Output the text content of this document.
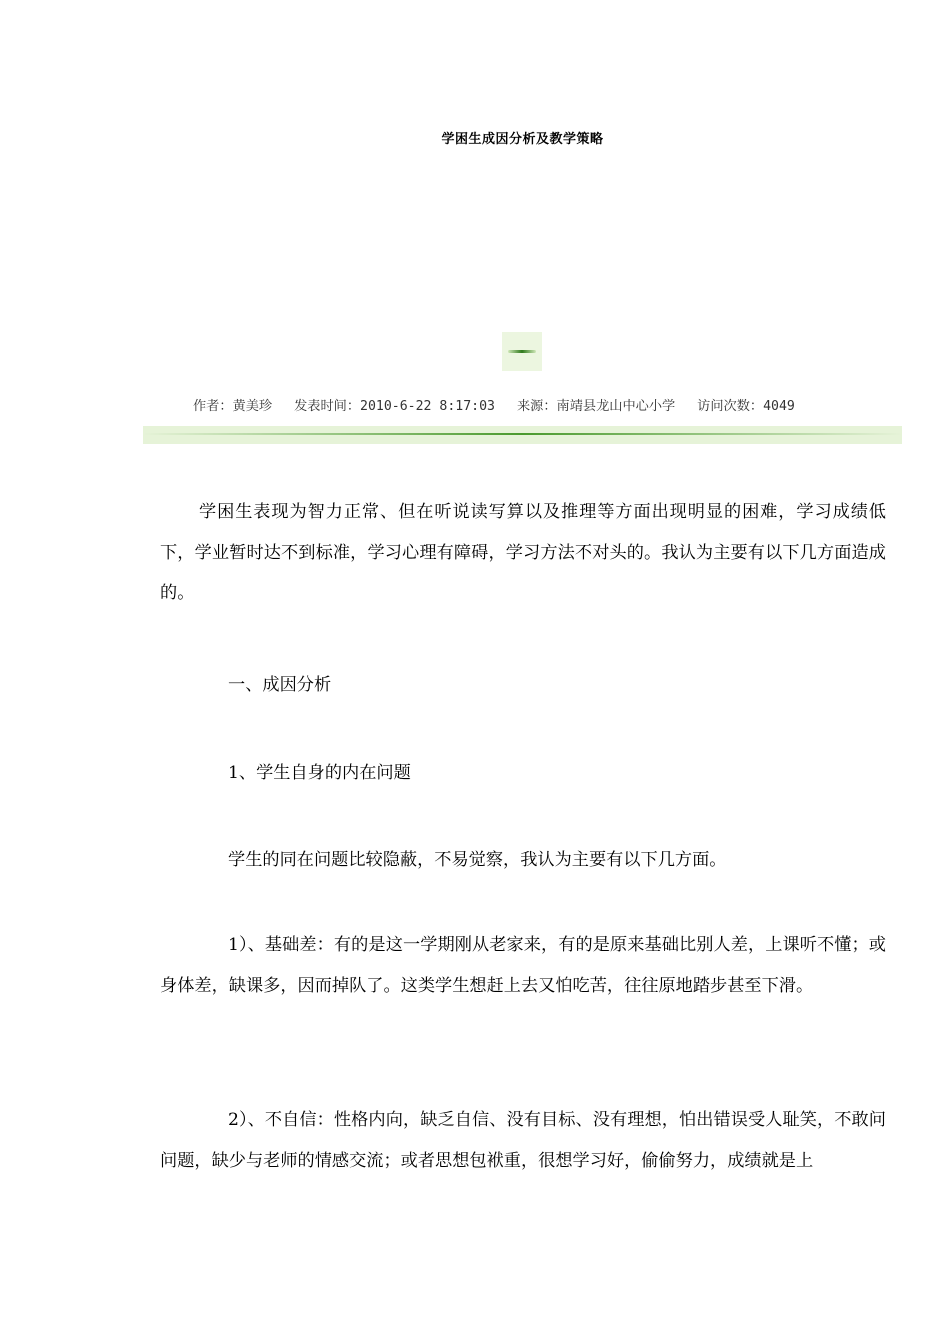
学困生成因分析及教学策略
作者：黄美珍 发表时间：2010-6-22 8:17:03 来源：南靖县龙山中心小学 访问次数：4049

学困生表现为智力正常、但在听说读写算以及推理等方面出现明显的困难，学习成绩低下，学业暂时达不到标准，学习心理有障碍，学习方法不对头的。我认为主要有以下几方面造成的。

一、成因分析

1、学生自身的内在问题

学生的同在问题比较隐蔽，不易觉察，我认为主要有以下几方面。

1）、基础差：有的是这一学期刚从老家来，有的是原来基础比别人差，上课听不懂；或身体差，缺课多，因而掉队了。这类学生想赶上去又怕吃苦，往往原地踏步甚至下滑。

2）、不自信：性格内向，缺乏自信、没有目标、没有理想，怕出错误受人耻笑，不敢问问题，缺少与老师的情感交流；或者思想包袱重，很想学习好，偷偷努力，成绩就是上
